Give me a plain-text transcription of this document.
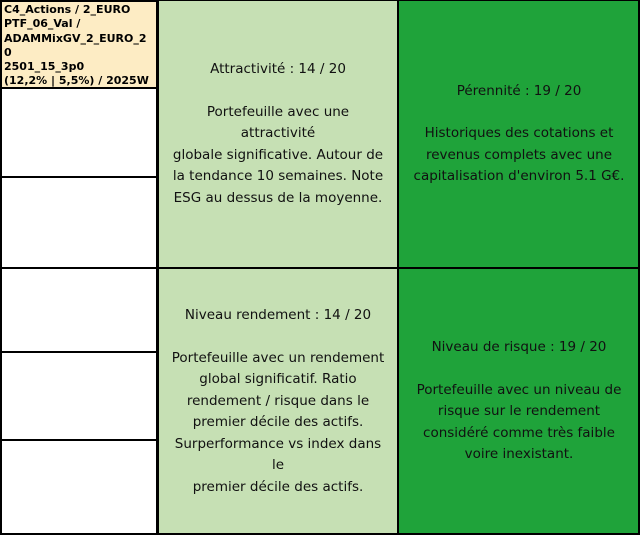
C4_Actions / 2_EURO
PTF_06_Val /
ADAMMixGV_2_EURO_20
2501_15_3p0
(12,2% | 5,5%) / 2025W
Attractivité : 14 / 20
Portefeuille avec une attractivité
globale significative. Autour de
la tendance 10 semaines. Note
ESG au dessus de la moyenne.
Pérennité : 19 / 20
Historiques des cotations et
revenus complets avec une
capitalisation d'environ 5.1 G€.
Niveau rendement : 14 / 20
Portefeuille avec un rendement
global significatif. Ratio
rendement / risque dans le
premier décile des actifs.
Surperformance vs index dans le
premier décile des actifs.
Niveau de risque : 19 / 20
Portefeuille avec un niveau de
risque sur le rendement
considéré comme très faible
voire inexistant.
